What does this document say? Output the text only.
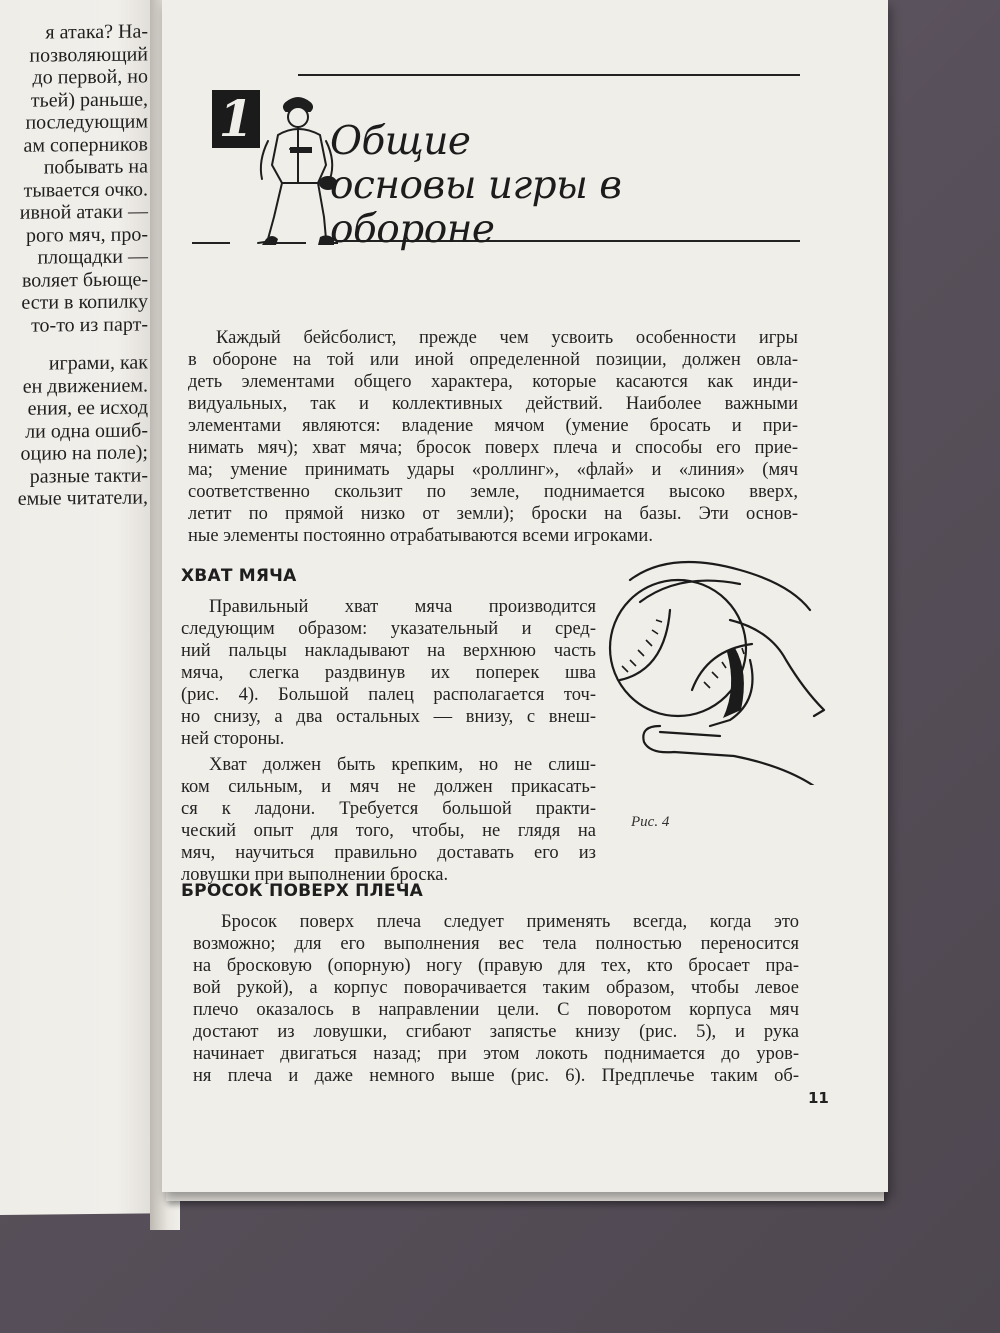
я атака? На-
позволяющий
до первой, но
тьей) раньше,
последующим
ам соперников
побывать на
тывается очко.
ивной атаки —
рого мяч, про-
площадки —
воляет бьюще-
ести в копилку
то-то из парт-
играми, как
ен движением.
ения, ее исход
ли одна ошиб-
оцию на поле);
разные такти-
емые читатели,
1 Общие
основы игры в обороне
Каждый бейсболист, прежде чем усвоить особенности игры
в обороне на той или иной определенной позиции, должен овла-
деть элементами общего характера, которые касаются как инди-
видуальных, так и коллективных действий. Наиболее важными
элементами являются: владение мячом (умение бросать и при-
нимать мяч); хват мяча; бросок поверх плеча и способы его прие-
ма; умение принимать удары «роллинг», «флай» и «линия» (мяч
соответственно скользит по земле, поднимается высоко вверх,
летит по прямой низко от земли); броски на базы. Эти основ-
ные элементы постоянно отрабатываются всеми игроками.
ХВАТ МЯЧА
Правильный хват мяча производится
следующим образом: указательный и сред-
ний пальцы накладывают на верхнюю часть
мяча, слегка раздвинув их поперек шва
(рис. 4). Большой палец располагается точ-
но снизу, а два остальных — внизу, с внеш-
ней стороны.
Хват должен быть крепким, но не слиш-
ком сильным, и мяч не должен прикасать-
ся к ладони. Требуется большой практи-
ческий опыт для того, чтобы, не глядя на
мяч, научиться правильно доставать его из
ловушки при выполнении броска.
Рис. 4
БРОСОК ПОВЕРХ ПЛЕЧА
Бросок поверх плеча следует применять всегда, когда это
возможно; для его выполнения вес тела полностью переносится
на бросковую (опорную) ногу (правую для тех, кто бросает пра-
вой рукой), а корпус поворачивается таким образом, чтобы левое
плечо оказалось в направлении цели. С поворотом корпуса мяч
достают из ловушки, сгибают запястье книзу (рис. 5), и рука
начинает двигаться назад; при этом локоть поднимается до уров-
ня плеча и даже немного выше (рис. 6). Предплечье таким об-
11
